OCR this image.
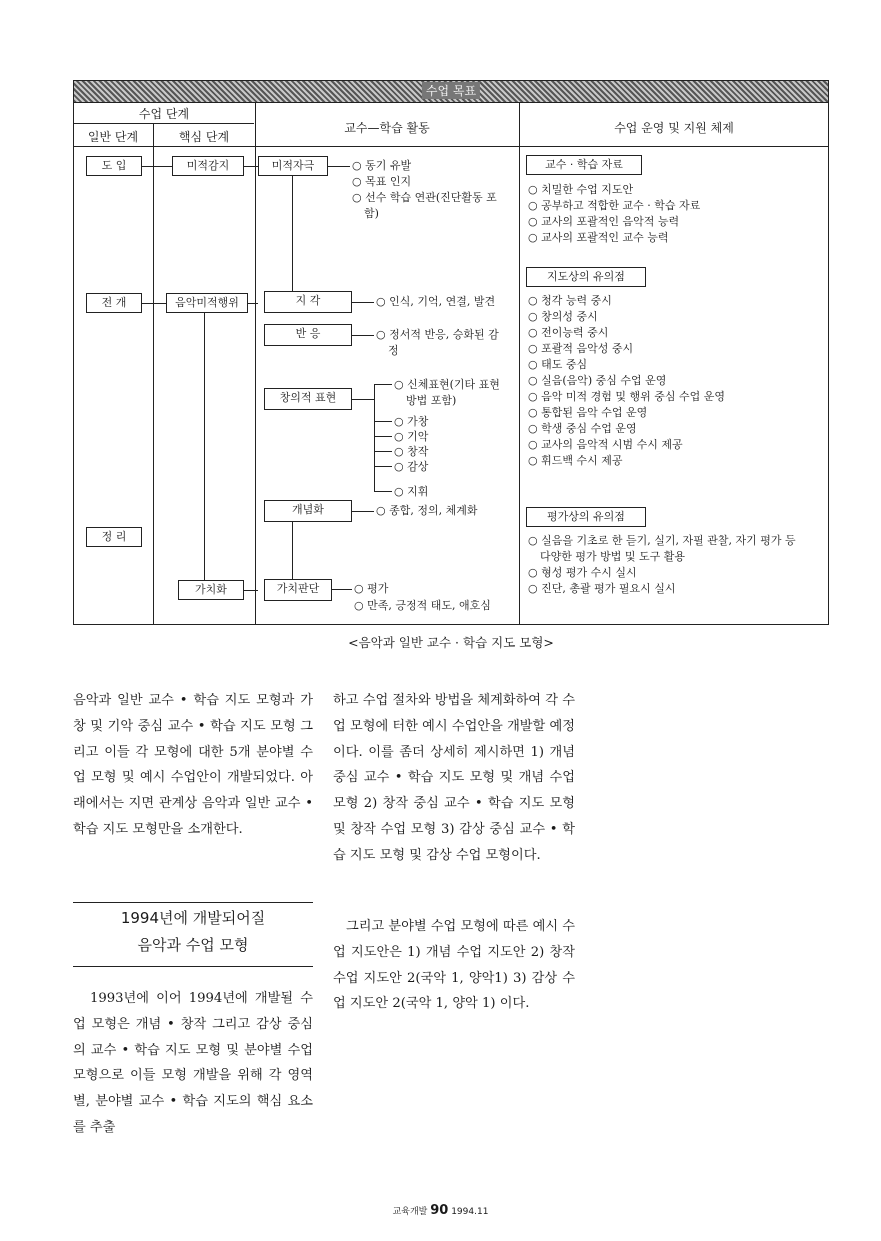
수업 목표
수업 단계
일반 단계	핵심 단계
교수—학습 활동	수업 운영 및 지원 체제
도 입
전 개
정 리
미적감지
음악미적행위
가치화
미적자극
지 각
반 응
창의적 표현
개념화
가치판단
○ 동기 유발
○ 목표 인지
○ 선수 학습 연관(진단활동 포
함)
○ 인식, 기억, 연결, 발견
○ 정서적 반응, 승화된 감
정
○ 신체표현(기타 표현
방법 포함)
○ 가창
○ 기악
○ 창작
○ 감상
○ 지휘
○ 종합, 정의, 체계화
○ 평가
○ 만족, 긍정적 태도, 애호심
교수 · 학습 자료
○ 치밀한 수업 지도안
○ 공부하고 적합한 교수 · 학습 자료
○ 교사의 포괄적인 음악적 능력
○ 교사의 포괄적인 교수 능력
지도상의 유의점
○ 청각 능력 중시
○ 창의성 중시
○ 전이능력 중시
○ 포괄적 음악성 중시
○ 태도 중심
○ 실음(음악) 중심 수업 운영
○ 음악 미적 경험 및 행위 중심 수업 운영
○ 통합된 음악 수업 운영
○ 학생 중심 수업 운영
○ 교사의 음악적 시범 수시 제공
○ 휘드백 수시 제공
평가상의 유의점
○ 실음을 기초로 한 듣기, 실기, 자필 관찰, 자기 평가 등
다양한 평가 방법 및 도구 활용
○ 형성 평가 수시 실시
○ 진단, 총괄 평가 필요시 실시
<음악과 일반 교수 · 학습 지도 모형>
음악과 일반 교수 • 학습 지도 모형과 가창 및 기악 중심 교수 • 학습 지도 모형 그리고 이들 각 모형에 대한 5개 분야별 수업 모형 및 예시 수업안이 개발되었다. 아래에서는 지면 관계상 음악과 일반 교수 • 학습 지도 모형만을 소개한다.
1994년에 개발되어질
음악과 수업 모형
1993년에 이어 1994년에 개발될 수업 모형은 개념 • 창작 그리고 감상 중심의 교수 • 학습 지도 모형 및 분야별 수업 모형으로 이들 모형 개발을 위해 각 영역별, 분야별 교수 • 학습 지도의 핵심 요소를 추출
하고 수업 절차와 방법을 체계화하여 각 수업 모형에 터한 예시 수업안을 개발할 예정이다. 이를 좀더 상세히 제시하면 1) 개념 중심 교수 • 학습 지도 모형 및 개념 수업 모형 2) 창작 중심 교수 • 학습 지도 모형 및 창작 수업 모형 3) 감상 중심 교수 • 학습 지도 모형 및 감상 수업 모형이다.
그리고 분야별 수업 모형에 따른 예시 수업 지도안은 1) 개념 수업 지도안 2) 창작 수업 지도안 2(국악 1, 양악1) 3) 감상 수업 지도안 2(국악 1, 양악 1) 이다.
교육개발 90 1994.11
